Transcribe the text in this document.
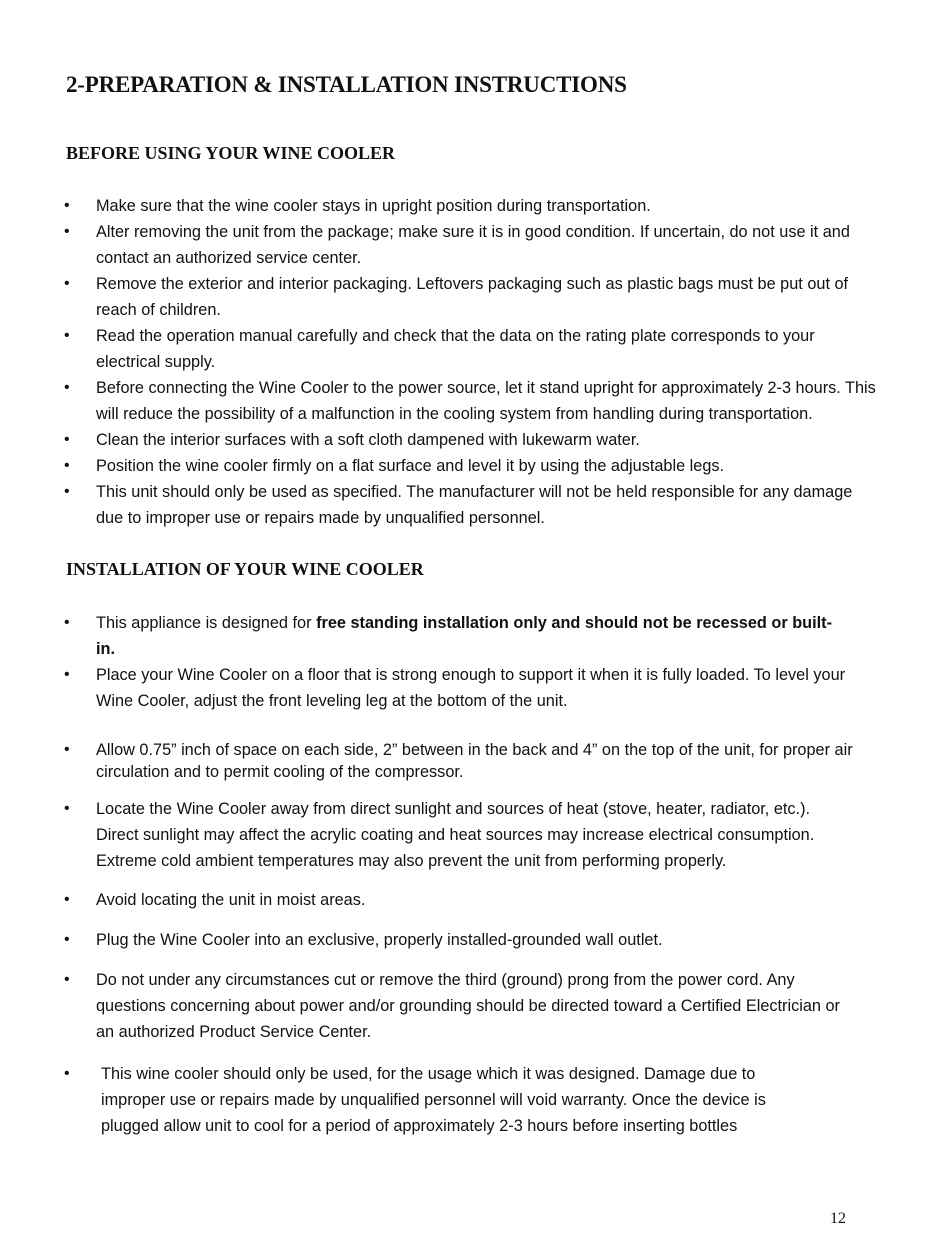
2-PREPARATION & INSTALLATION INSTRUCTIONS
BEFORE USING YOUR WINE COOLER
• Make sure that the wine cooler stays in upright position during transportation.
• Alter removing the unit from the package; make sure it is in good condition. If uncertain, do not use it and contact an authorized service center.
• Remove the exterior and interior packaging. Leftovers packaging such as plastic bags must be put out of reach of children.
• Read the operation manual carefully and check that the data on the rating plate corresponds to your electrical supply.
• Before connecting the Wine Cooler to the power source, let it stand upright for approximately 2-3 hours. This will reduce the possibility of a malfunction in the cooling system from handling during transportation.
• Clean the interior surfaces with a soft cloth dampened with lukewarm water.
• Position the wine cooler firmly on a flat surface and level it by using the adjustable legs.
• This unit should only be used as specified. The manufacturer will not be held responsible for any damage due to improper use or repairs made by unqualified personnel.
INSTALLATION OF YOUR WINE COOLER
• This appliance is designed for free standing installation only and should not be recessed or built-in.
• Place your Wine Cooler on a floor that is strong enough to support it when it is fully loaded. To level your Wine Cooler, adjust the front leveling leg at the bottom of the unit.
• Allow 0.75” inch of space on each side, 2” between in the back and 4” on the top of the unit, for proper air circulation and to permit cooling of the compressor.
• Locate the Wine Cooler away from direct sunlight and sources of heat (stove, heater, radiator, etc.). Direct sunlight may affect the acrylic coating and heat sources may increase electrical consumption. Extreme cold ambient temperatures may also prevent the unit from performing properly.
• Avoid locating the unit in moist areas.
• Plug the Wine Cooler into an exclusive, properly installed-grounded wall outlet.
• Do not under any circumstances cut or remove the third (ground) prong from the power cord. Any questions concerning about power and/or grounding should be directed toward a Certified Electrician or an authorized Product Service Center.
• This wine cooler should only be used, for the usage which it was designed. Damage due to improper use or repairs made by unqualified personnel will void warranty. Once the device is plugged allow unit to cool for a period of approximately 2-3 hours before inserting bottles
12
